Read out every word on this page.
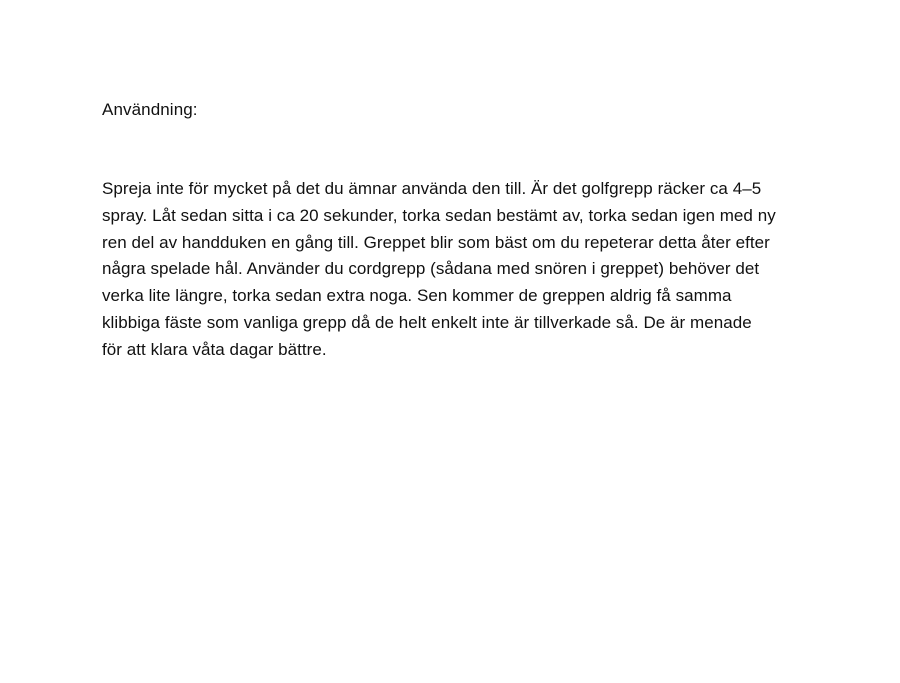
Användning:

Spreja inte för mycket på det du ämnar använda den till. Är det golfgrepp räcker ca 4–5
spray. Låt sedan sitta i ca 20 sekunder, torka sedan bestämt av, torka sedan igen med ny
ren del av handduken en gång till. Greppet blir som bäst om du repeterar detta åter efter
några spelade hål. Använder du cordgrepp (sådana med snören i greppet) behöver det
verka lite längre, torka sedan extra noga. Sen kommer de greppen aldrig få samma
klibbiga fäste som vanliga grepp då de helt enkelt inte är tillverkade så. De är menade
för att klara våta dagar bättre.
